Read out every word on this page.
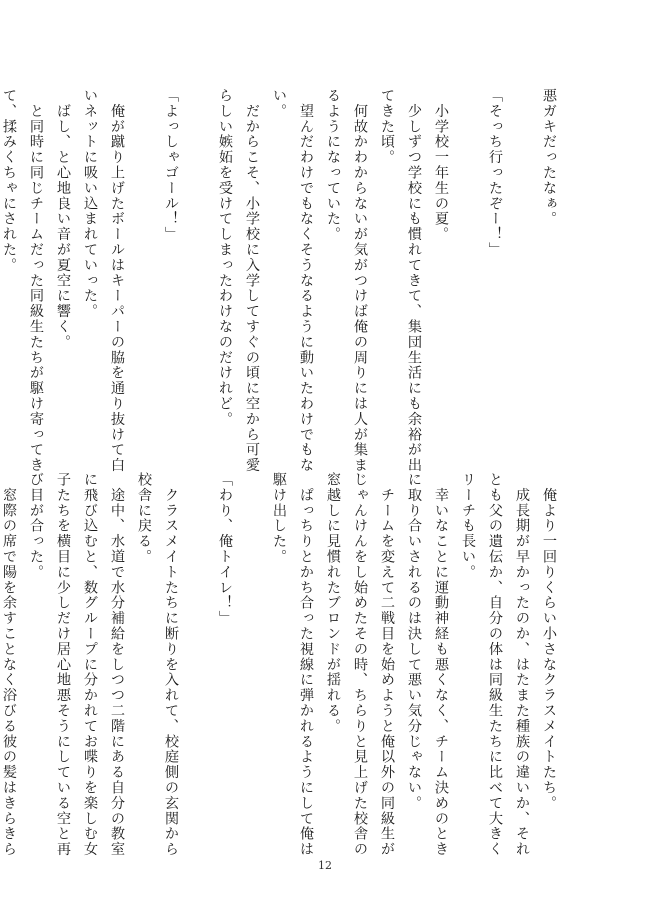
悪ガキだったなぁ。

「そっち行ったぞー！」

　小学校一年生の夏。
　少しずつ学校にも慣れてきて、集団生活にも余裕が出
てきた頃。
　何故かわからないが気がつけば俺の周りには人が集ま
るようになっていた。
　望んだわけでもなくそうなるように動いたわけでもな
い。
　だからこそ、小学校に入学してすぐの頃に空から可愛
らしい嫉妬を受けてしまったわけなのだけれど。

「よっしゃゴール！」

　俺が蹴り上げたボールはキーパーの脇を通り抜けて白
いネットに吸い込まれていった。
　ばし、と心地良い音が夏空に響く。
　と同時に同じチームだった同級生たちが駆け寄ってき
て、揉みくちゃにされた。
　俺より一回りくらい小さなクラスメイトたち。
　成長期が早かったのか、はたまた種族の違いか、それ
とも父の遺伝か、自分の体は同級生たちに比べて大きく
リーチも長い。
　幸いなことに運動神経も悪くなく、チーム決めのとき
に取り合いされるのは決して悪い気分じゃない。
　チームを変えて二戦目を始めようと俺以外の同級生が
じゃんけんをし始めたその時、ちらりと見上げた校舎の
窓越しに見慣れたブロンドが揺れる。
　ぱっちりとかち合った視線に弾かれるようにして俺は
駆け出した。

「わり、俺トイレ！」

　クラスメイトたちに断りを入れて、校庭側の玄関から
校舎に戻る。
　途中、水道で水分補給をしつつ二階にある自分の教室
に飛び込むと、数グループに分かれてお喋りを楽しむ女
子たちを横目に少しだけ居心地悪そうにしている空と再
び目が合った。
　窓際の席で陽を余すことなく浴びる彼の髪はきらきら
12
